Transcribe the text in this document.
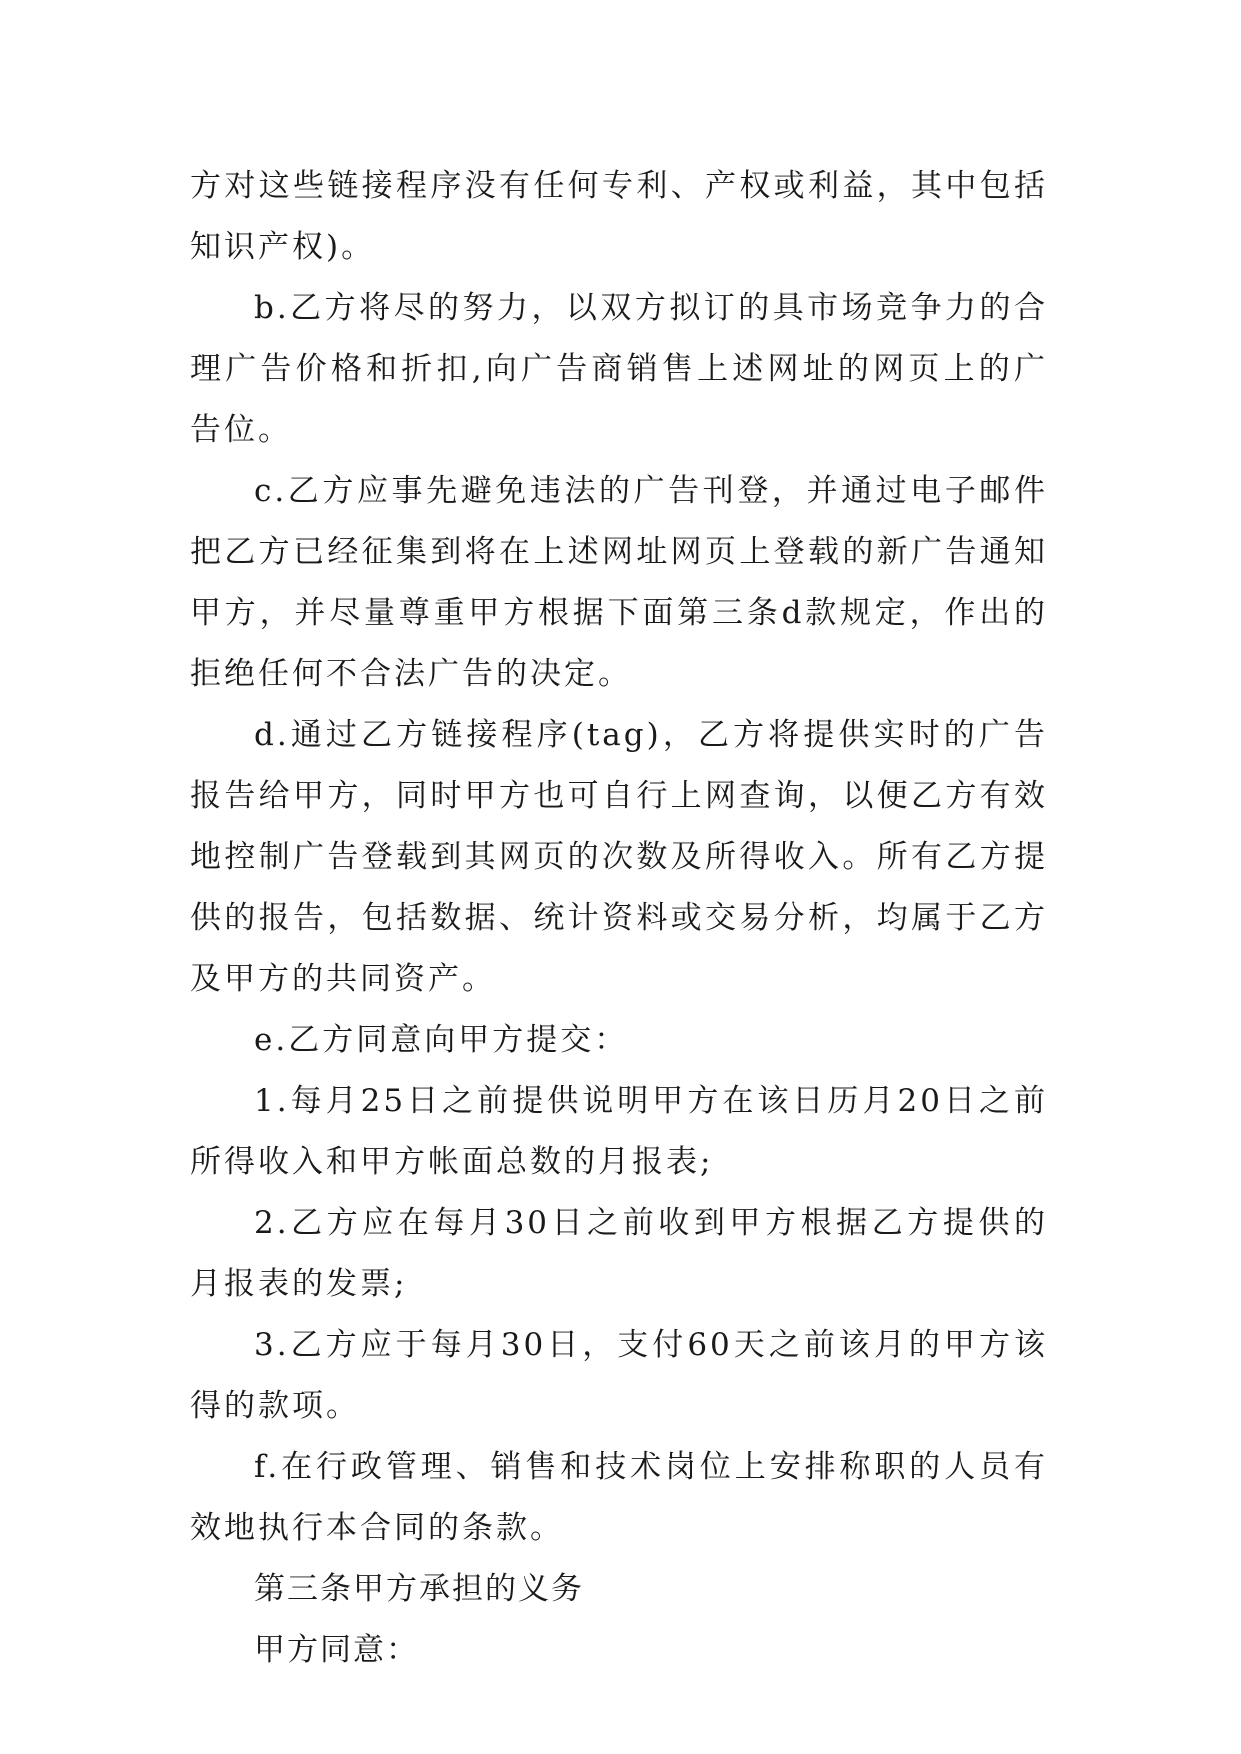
方对这些链接程序没有任何专利、产权或利益，其中包括知识产权)。

b.乙方将尽的努力，以双方拟订的具市场竞争力的合理广告价格和折扣,向广告商销售上述网址的网页上的广告位。

c.乙方应事先避免违法的广告刊登，并通过电子邮件把乙方已经征集到将在上述网址网页上登载的新广告通知甲方，并尽量尊重甲方根据下面第三条d款规定，作出的拒绝任何不合法广告的决定。

d.通过乙方链接程序(tag)，乙方将提供实时的广告报告给甲方，同时甲方也可自行上网查询，以便乙方有效地控制广告登载到其网页的次数及所得收入。所有乙方提供的报告，包括数据、统计资料或交易分析，均属于乙方及甲方的共同资产。

e.乙方同意向甲方提交：

1.每月25日之前提供说明甲方在该日历月20日之前所得收入和甲方帐面总数的月报表;

2.乙方应在每月30日之前收到甲方根据乙方提供的月报表的发票;

3.乙方应于每月30日，支付60天之前该月的甲方该得的款项。

f.在行政管理、销售和技术岗位上安排称职的人员有效地执行本合同的条款。

第三条甲方承担的义务

甲方同意：
